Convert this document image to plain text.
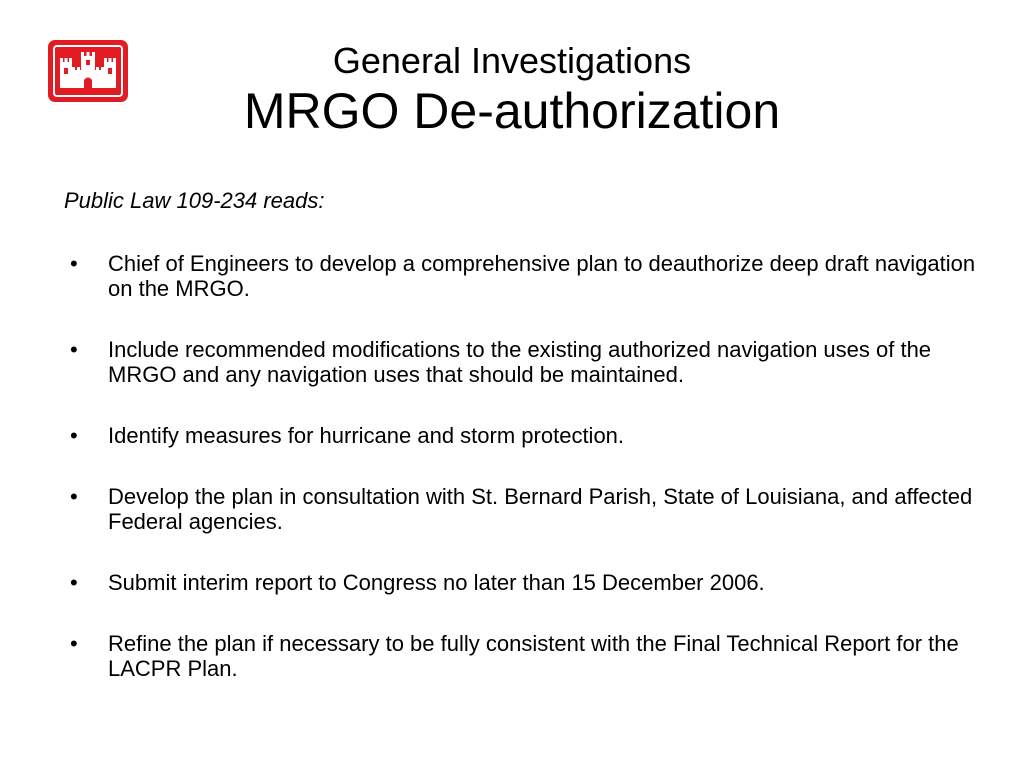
General Investigations
MRGO De-authorization
Public Law 109-234 reads:
• Chief of Engineers to develop a comprehensive plan to deauthorize deep draft navigation on the MRGO.
• Include recommended modifications to the existing authorized navigation uses of the MRGO and any navigation uses that should be maintained.
• Identify measures for hurricane and storm protection.
• Develop the plan in consultation with St. Bernard Parish, State of Louisiana, and affected Federal agencies.
• Submit interim report to Congress no later than 15 December 2006.
• Refine the plan if necessary to be fully consistent with the Final Technical Report for the LACPR Plan.
